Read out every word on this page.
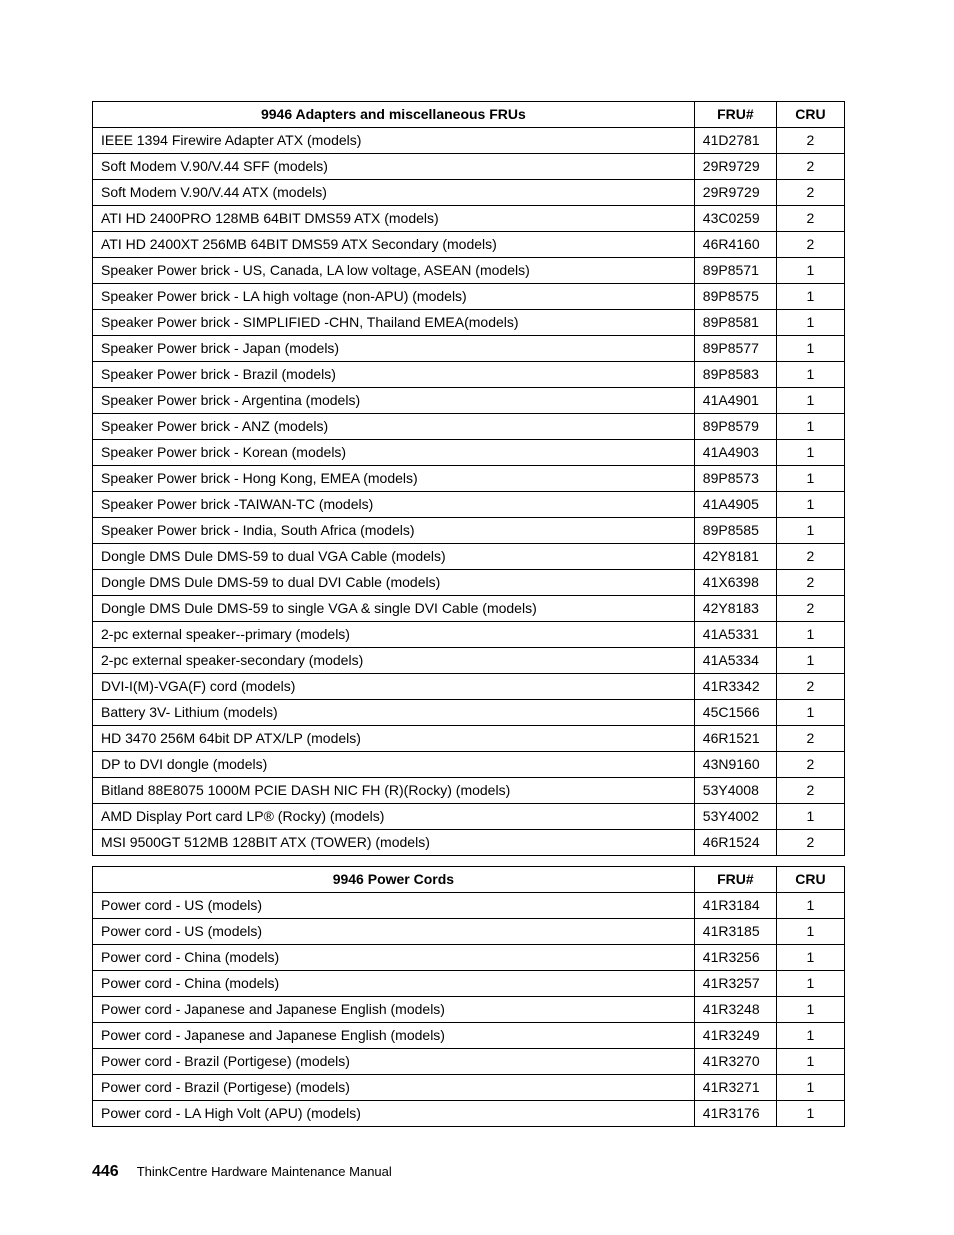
9946 Adapters and miscellaneous FRUs	FRU#	CRU
IEEE 1394 Firewire Adapter ATX (models)	41D2781	2
Soft Modem V.90/V.44 SFF (models)	29R9729	2
Soft Modem V.90/V.44 ATX (models)	29R9729	2
ATI HD 2400PRO 128MB 64BIT DMS59 ATX (models)	43C0259	2
ATI HD 2400XT 256MB 64BIT DMS59 ATX Secondary (models)	46R4160	2
Speaker Power brick - US, Canada, LA low voltage, ASEAN (models)	89P8571	1
Speaker Power brick - LA high voltage (non-APU) (models)	89P8575	1
Speaker Power brick - SIMPLIFIED -CHN, Thailand EMEA(models)	89P8581	1
Speaker Power brick - Japan (models)	89P8577	1
Speaker Power brick - Brazil (models)	89P8583	1
Speaker Power brick - Argentina (models)	41A4901	1
Speaker Power brick - ANZ (models)	89P8579	1
Speaker Power brick - Korean (models)	41A4903	1
Speaker Power brick - Hong Kong, EMEA (models)	89P8573	1
Speaker Power brick -TAIWAN-TC (models)	41A4905	1
Speaker Power brick - India, South Africa (models)	89P8585	1
Dongle DMS Dule DMS-59 to dual VGA Cable (models)	42Y8181	2
Dongle DMS Dule DMS-59 to dual DVI Cable (models)	41X6398	2
Dongle DMS Dule DMS-59 to single VGA & single DVI Cable (models)	42Y8183	2
2-pc external speaker--primary (models)	41A5331	1
2-pc external speaker-secondary (models)	41A5334	1
DVI-I(M)-VGA(F) cord (models)	41R3342	2
Battery 3V- Lithium (models)	45C1566	1
HD 3470 256M 64bit DP ATX/LP (models)	46R1521	2
DP to DVI dongle (models)	43N9160	2
Bitland 88E8075 1000M PCIE DASH NIC FH (R)(Rocky) (models)	53Y4008	2
AMD Display Port card LP® (Rocky) (models)	53Y4002	1
MSI 9500GT 512MB 128BIT ATX (TOWER) (models)	46R1524	2
9946 Power Cords	FRU#	CRU
Power cord - US (models)	41R3184	1
Power cord - US (models)	41R3185	1
Power cord - China (models)	41R3256	1
Power cord - China (models)	41R3257	1
Power cord - Japanese and Japanese English (models)	41R3248	1
Power cord - Japanese and Japanese English (models)	41R3249	1
Power cord - Brazil (Portigese) (models)	41R3270	1
Power cord - Brazil (Portigese) (models)	41R3271	1
Power cord - LA High Volt (APU) (models)	41R3176	1
446 ThinkCentre Hardware Maintenance Manual
